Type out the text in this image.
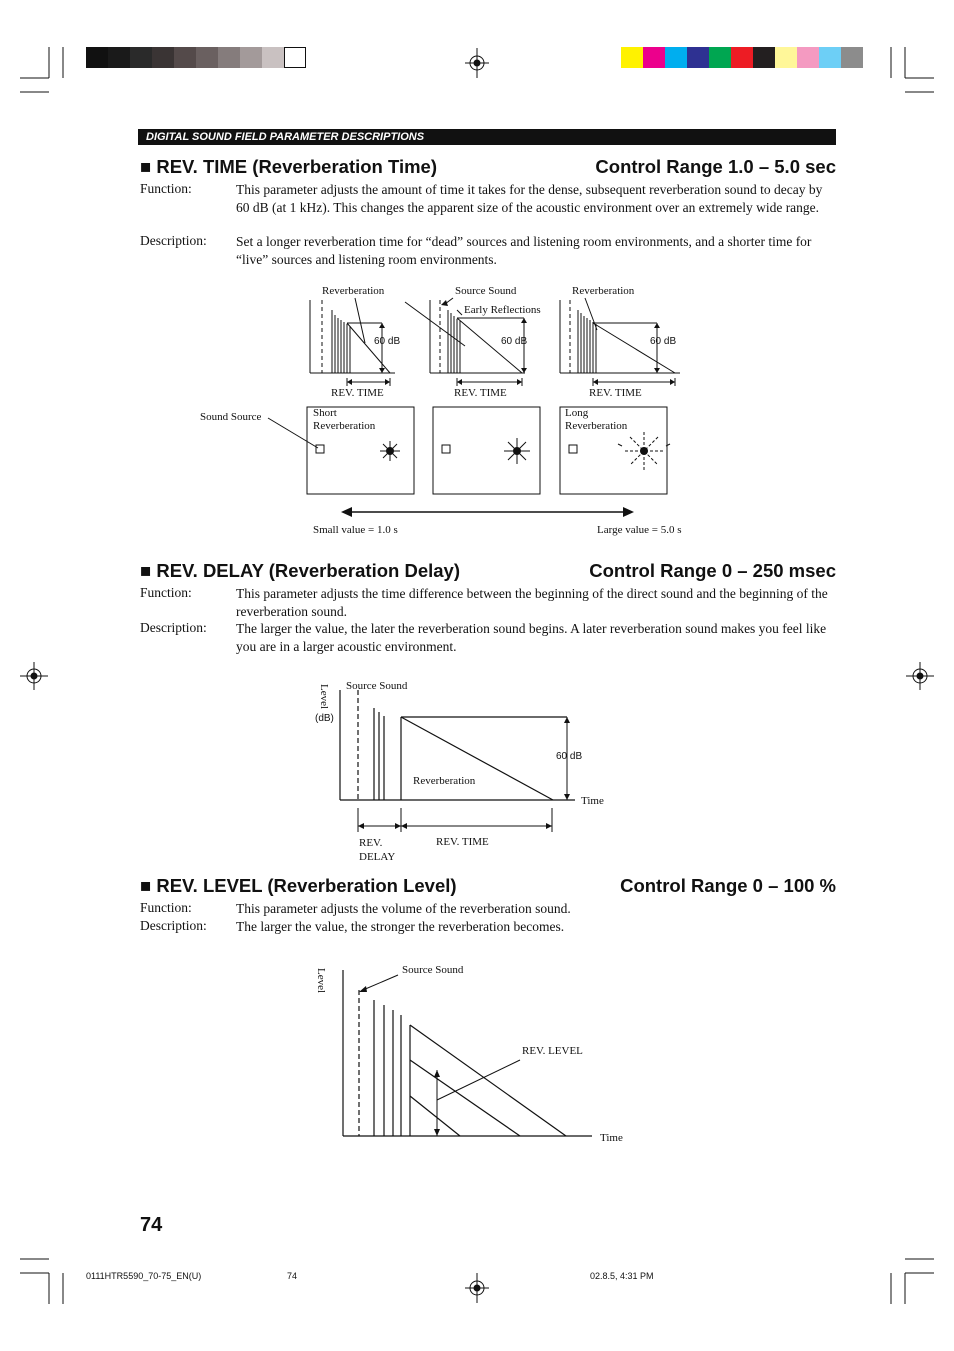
DIGITAL SOUND FIELD PARAMETER DESCRIPTIONS
■ REV. TIME (Reverberation Time)	Control Range 1.0 – 5.0 sec
Function:	This parameter adjusts the amount of time it takes for the dense, subsequent reverberation sound to decay by 60 dB (at 1 kHz). This changes the apparent size of the acoustic environment over an extremely wide range.
Description: Set a longer reverberation time for “dead” sources and listening room environments, and a shorter time for “live” sources and listening room environments.
Reverberation	Source Sound
Early Reflections
Reverberation
60 dB	60 dB	60 dB
REV. TIME	REV. TIME	REV. TIME
Sound Source	Short
Reverberation
Long
Reverberation
Small value = 1.0 s	Large value = 5.0 s
■ REV. DELAY (Reverberation Delay)	Control Range 0 – 250 msec
Function:	This parameter adjusts the time difference between the beginning of the direct sound and the beginning of the reverberation sound.
Description: The larger the value, the later the reverberation sound begins. A later reverberation sound makes you feel like you are in a larger acoustic environment.
Level
(dB)
Source Sound
60 dB
Reverberation
Time
REV.
DELAY
REV. TIME
■ REV. LEVEL (Reverberation Level)	Control Range 0 – 100 %
Function:	This parameter adjusts the volume of the reverberation sound.
Description: The larger the value, the stronger the reverberation becomes.
Level	Source Sound
REV. LEVEL
Time
74
0111HTR5590_70-75_EN(U)	74	02.8.5, 4:31 PM
